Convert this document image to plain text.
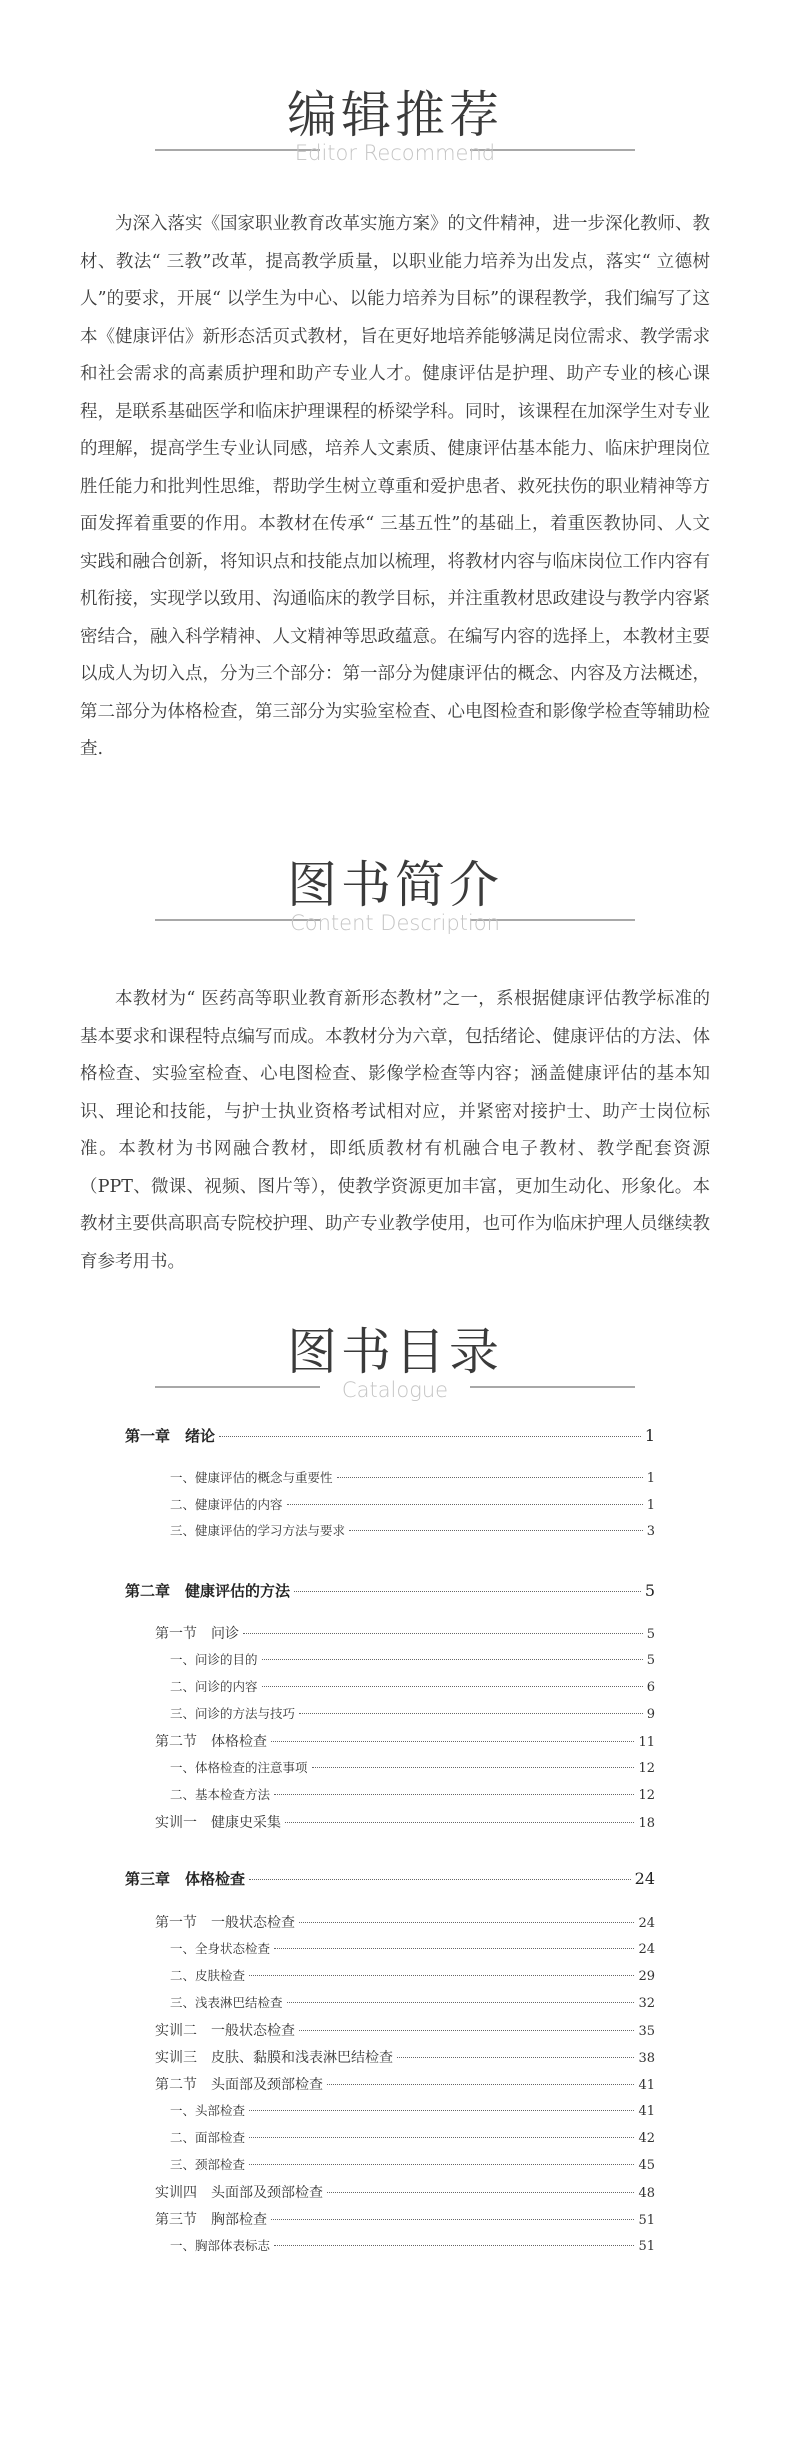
编辑推荐
Editor Recommend

为深入落实《国家职业教育改革实施方案》的文件精神，进一步深化教师、教材、教法“ 三教”改革，提高教学质量，以职业能力培养为出发点，落实“ 立德树人”的要求，开展“ 以学生为中心、以能力培养为目标”的课程教学，我们编写了这本《健康评估》新形态活页式教材，旨在更好地培养能够满足岗位需求、教学需求和社会需求的高素质护理和助产专业人才。健康评估是护理、助产专业的核心课程，是联系基础医学和临床护理课程的桥梁学科。同时，该课程在加深学生对专业的理解，提高学生专业认同感，培养人文素质、健康评估基本能力、临床护理岗位胜任能力和批判性思维，帮助学生树立尊重和爱护患者、救死扶伤的职业精神等方面发挥着重要的作用。本教材在传承“ 三基五性”的基础上，着重医教协同、人文实践和融合创新，将知识点和技能点加以梳理，将教材内容与临床岗位工作内容有机衔接，实现学以致用、沟通临床的教学目标，并注重教材思政建设与教学内容紧密结合，融入科学精神、人文精神等思政蕴意。在编写内容的选择上，本教材主要以成人为切入点，分为三个部分：第一部分为健康评估的概念、内容及方法概述，第二部分为体格检查，第三部分为实验室检查、心电图检查和影像学检查等辅助检查.

图书简介
Content Description

本教材为“ 医药高等职业教育新形态教材”之一，系根据健康评估教学标准的基本要求和课程特点编写而成。本教材分为六章，包括绪论、健康评估的方法、体格检查、实验室检查、心电图检查、影像学检查等内容；涵盖健康评估的基本知识、理论和技能，与护士执业资格考试相对应，并紧密对接护士、助产士岗位标准。本教材为书网融合教材，即纸质教材有机融合电子教材、教学配套资源（PPT、微课、视频、图片等），使教学资源更加丰富，更加生动化、形象化。本教材主要供高职高专院校护理、助产专业教学使用，也可作为临床护理人员继续教育参考用书。

图书目录
Catalogue
第一章　绪论	1
一、健康评估的概念与重要性	1
二、健康评估的内容	1
三、健康评估的学习方法与要求	3
第二章　健康评估的方法	5
第一节　问诊	5
一、问诊的目的	5
二、问诊的内容	6
三、问诊的方法与技巧	9
第二节　体格检查	11
一、体格检查的注意事项	12
二、基本检查方法	12
实训一　健康史采集	18
第三章　体格检查	24
第一节　一般状态检查	24
一、全身状态检查	24
二、皮肤检查	29
三、浅表淋巴结检查	32
实训二　一般状态检查	35
实训三　皮肤、黏膜和浅表淋巴结检查	38
第二节　头面部及颈部检查	41
一、头部检查	41
二、面部检查	42
三、颈部检查	45
实训四　头面部及颈部检查	48
第三节　胸部检查	51
一、胸部体表标志	51
